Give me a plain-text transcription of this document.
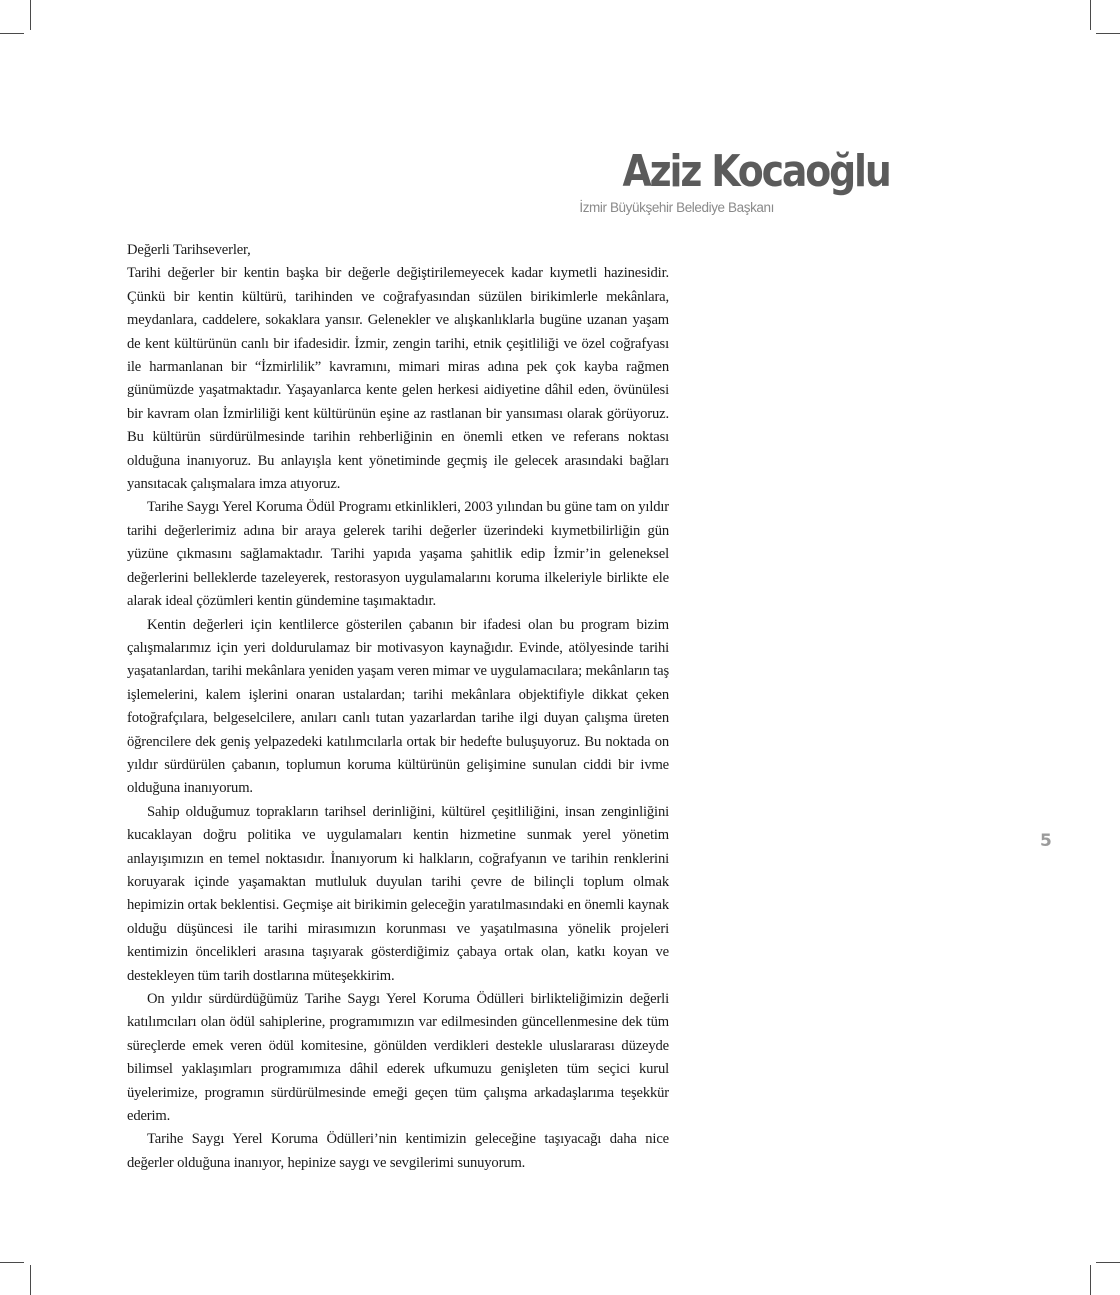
Aziz Kocaoğlu
İzmir Büyükşehir Belediye Başkanı

Değerli Tarihseverler,

Tarihi değerler bir kentin başka bir değerle değiştirilemeyecek kadar kıymetli hazinesidir. Çünkü bir kentin kültürü, tarihinden ve coğrafyasından süzülen birikimlerle mekânlara, meydanlara, caddelere, sokaklara yansır. Gelenekler ve alışkanlıklarla bugüne uzanan yaşam de kent kültürünün canlı bir ifadesidir. İzmir, zengin tarihi, etnik çeşitliliği ve özel coğrafyası ile harmanlanan bir “İzmirlilik” kavramını, mimari miras adına pek çok kayba rağmen günümüzde yaşatmaktadır. Yaşayanlarca kente gelen herkesi aidiyetine dâhil eden, övünülesi bir kavram olan İzmirliliği kent kültürünün eşine az rastlanan bir yansıması olarak görüyoruz. Bu kültürün sürdürülmesinde tarihin rehberliğinin en önemli etken ve referans noktası olduğuna inanıyoruz. Bu anlayışla kent yönetiminde geçmiş ile gelecek arasındaki bağları yansıtacak çalışmalara imza atıyoruz.

Tarihe Saygı Yerel Koruma Ödül Programı etkinlikleri, 2003 yılından bu güne tam on yıldır tarihi değerlerimiz adına bir araya gelerek tarihi değerler üzerindeki kıymetbilirliğin gün yüzüne çıkmasını sağlamaktadır. Tarihi yapıda yaşama şahitlik edip İzmir’in geleneksel değerlerini belleklerde tazeleyerek, restorasyon uygulamalarını koruma ilkeleriyle birlikte ele alarak ideal çözümleri kentin gündemine taşımaktadır.

Kentin değerleri için kentlilerce gösterilen çabanın bir ifadesi olan bu program bizim çalışmalarımız için yeri doldurulamaz bir motivasyon kaynağıdır. Evinde, atölyesinde tarihi yaşatanlardan, tarihi mekânlara yeniden yaşam veren mimar ve uygulamacılara; mekânların taş işlemelerini, kalem işlerini onaran ustalardan; tarihi mekânlara objektifiyle dikkat çeken fotoğrafçılara, belgeselcilere, anıları canlı tutan yazarlardan tarihe ilgi duyan çalışma üreten öğrencilere dek geniş yelpazedeki katılımcılarla ortak bir hedefte buluşuyoruz. Bu noktada on yıldır sürdürülen çabanın, toplumun koruma kültürünün gelişimine sunulan ciddi bir ivme olduğuna inanıyorum.

Sahip olduğumuz toprakların tarihsel derinliğini, kültürel çeşitliliğini, insan zenginliğini kucaklayan doğru politika ve uygulamaları kentin hizmetine sunmak yerel yönetim anlayışımızın en temel noktasıdır. İnanıyorum ki halkların, coğrafyanın ve tarihin renklerini koruyarak içinde yaşamaktan mutluluk duyulan tarihi çevre de bilinçli toplum olmak hepimizin ortak beklentisi. Geçmişe ait birikimin geleceğin yaratılmasındaki en önemli kaynak olduğu düşüncesi ile tarihi mirasımızın korunması ve yaşatılmasına yönelik projeleri kentimizin öncelikleri arasına taşıyarak gösterdiğimiz çabaya ortak olan, katkı koyan ve destekleyen tüm tarih dostlarına müteşekkirim.

On yıldır sürdürdüğümüz Tarihe Saygı Yerel Koruma Ödülleri birlikteliğimizin değerli katılımcıları olan ödül sahiplerine, programımızın var edilmesinden güncellenmesine dek tüm süreçlerde emek veren ödül komitesine, gönülden verdikleri destekle uluslararası düzeyde bilimsel yaklaşımları programımıza dâhil ederek ufkumuzu genişleten tüm seçici kurul üyelerimize, programın sürdürülmesinde emeği geçen tüm çalışma arkadaşlarıma teşekkür ederim.

Tarihe Saygı Yerel Koruma Ödülleri’nin kentimizin geleceğine taşıyacağı daha nice değerler olduğuna inanıyor, hepinize saygı ve sevgilerimi sunuyorum.

5
